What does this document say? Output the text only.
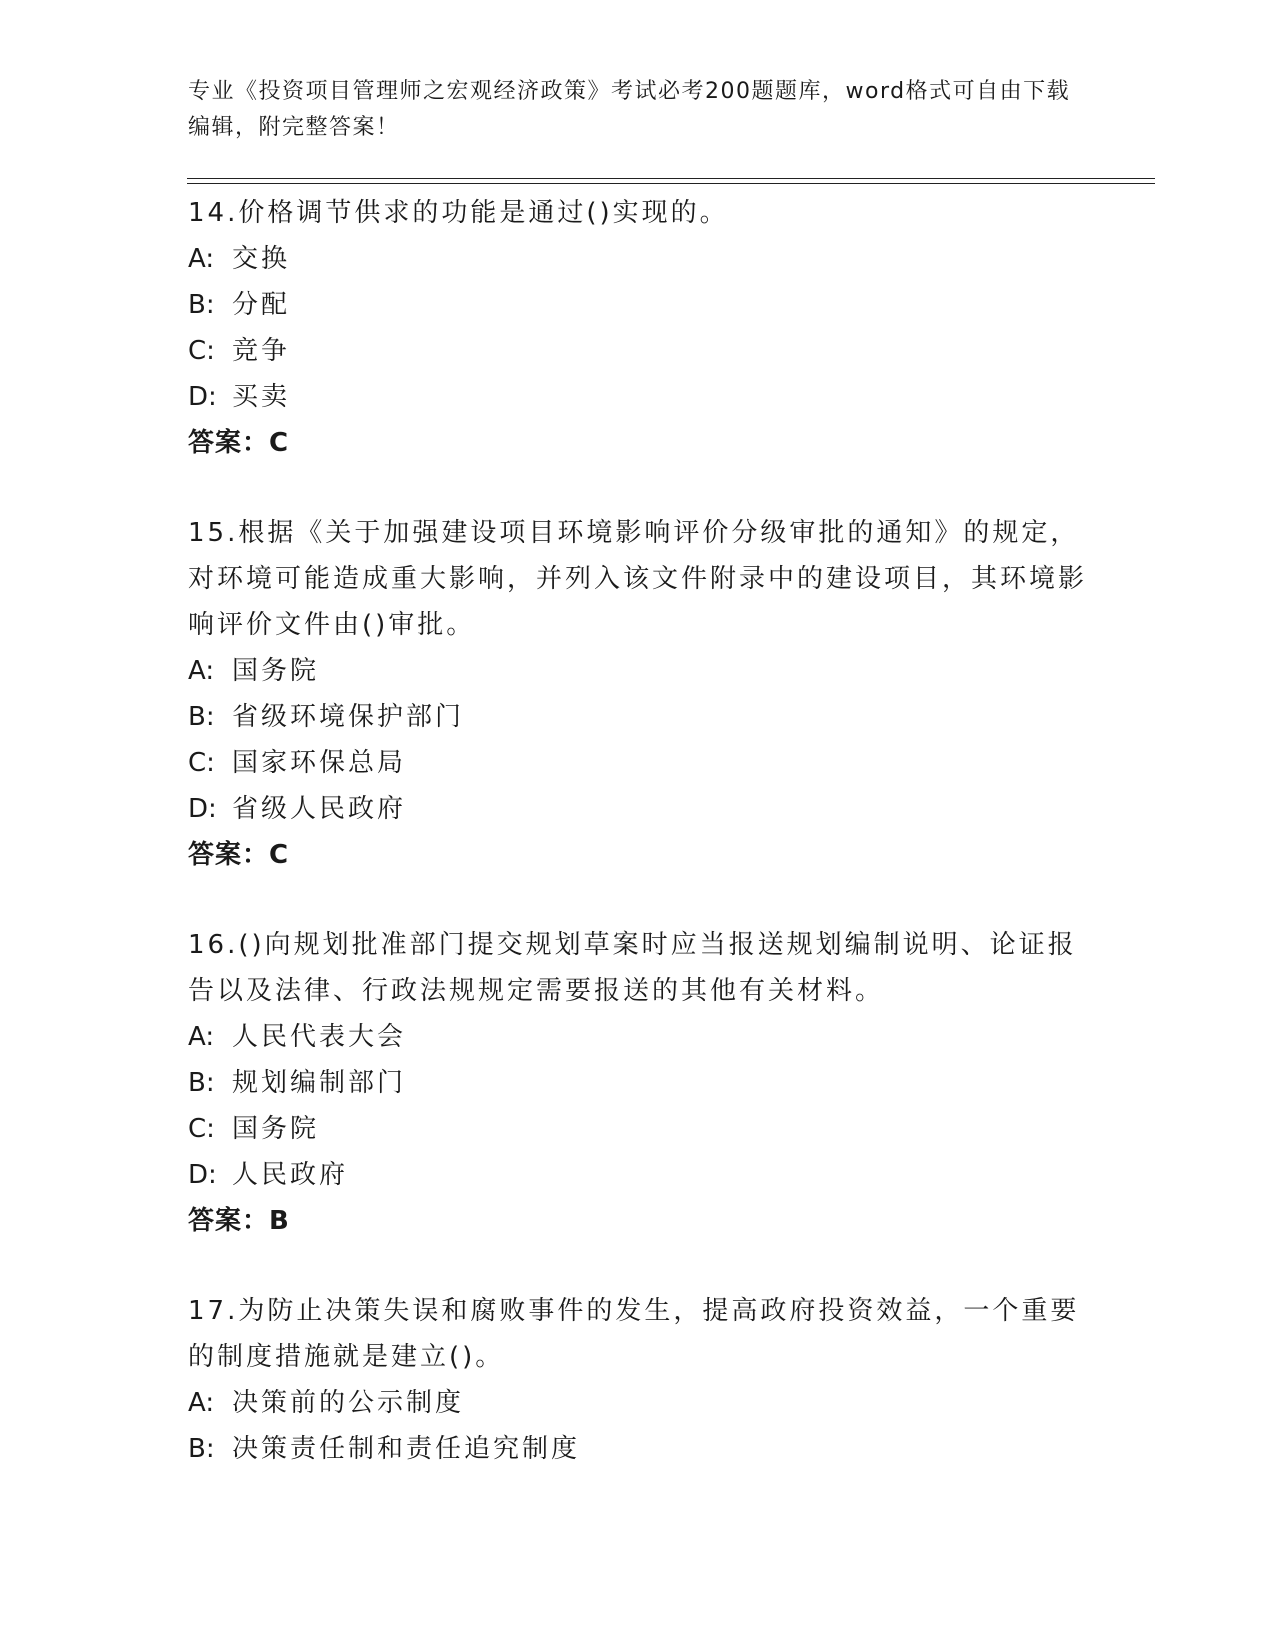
专业《投资项目管理师之宏观经济政策》考试必考200题题库，word格式可自由下载编辑，附完整答案！

14.价格调节供求的功能是通过()实现的。

A: 交换

B: 分配

C: 竞争

D: 买卖

答案：C

15.根据《关于加强建设项目环境影响评价分级审批的通知》的规定，对环境可能造成重大影响，并列入该文件附录中的建设项目，其环境影响评价文件由()审批。

A: 国务院

B: 省级环境保护部门

C: 国家环保总局

D: 省级人民政府

答案：C

16.()向规划批准部门提交规划草案时应当报送规划编制说明、论证报告以及法律、行政法规规定需要报送的其他有关材料。

A: 人民代表大会

B: 规划编制部门

C: 国务院

D: 人民政府

答案：B

17.为防止决策失误和腐败事件的发生，提高政府投资效益，一个重要的制度措施就是建立()。

A: 决策前的公示制度

B: 决策责任制和责任追究制度
